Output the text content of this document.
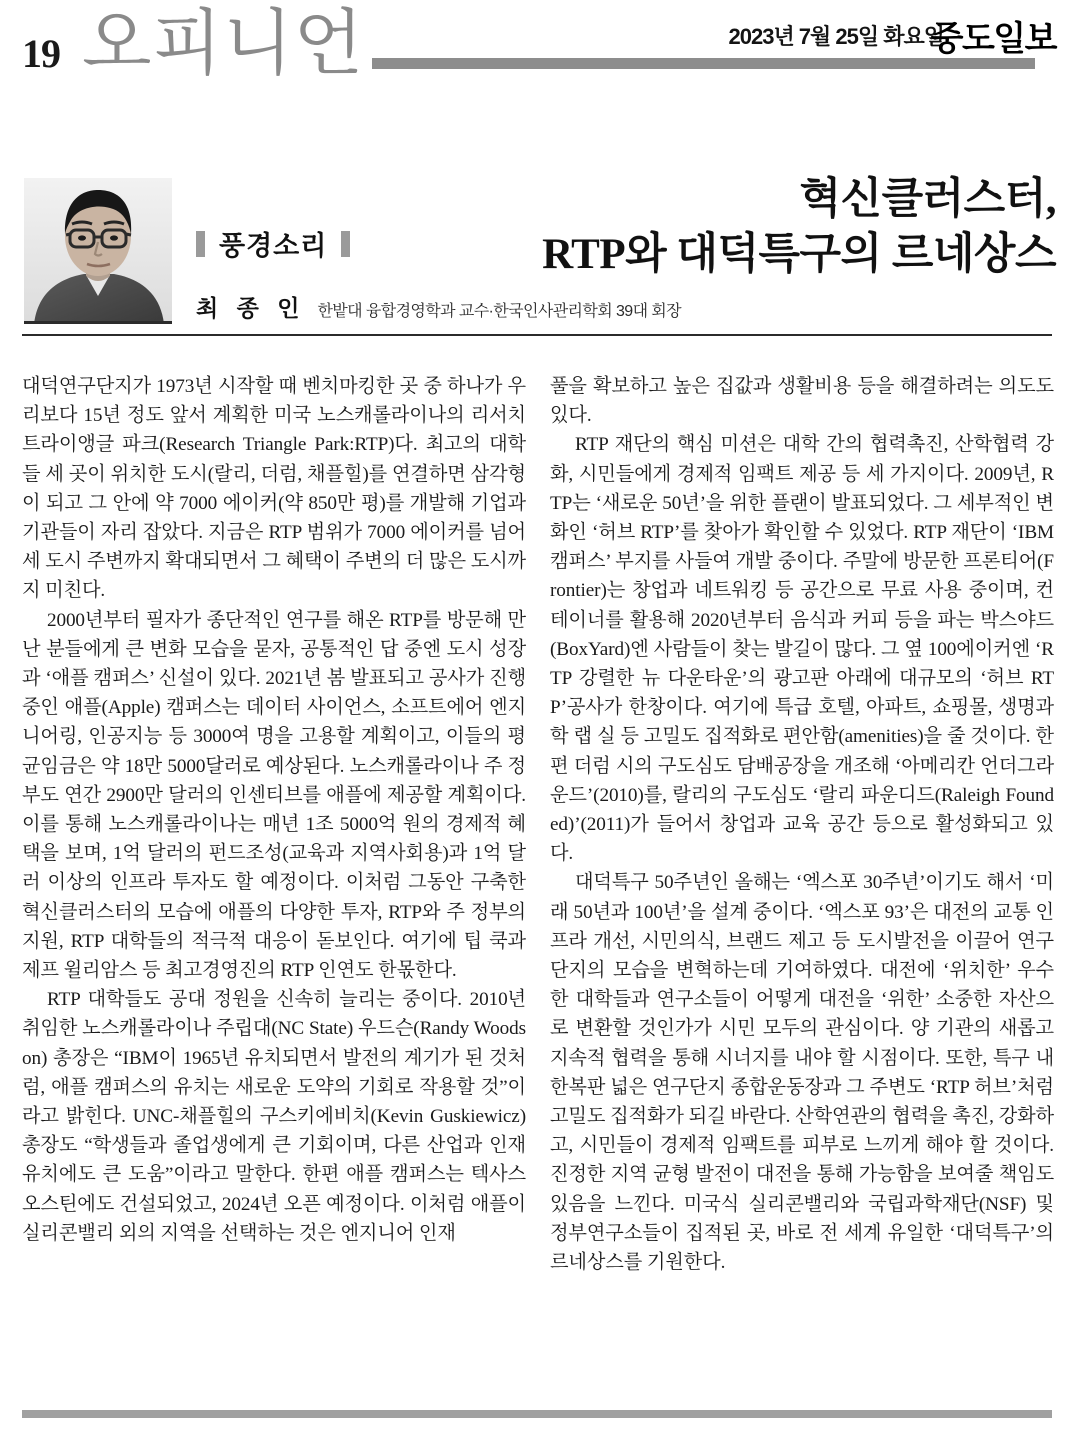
19 오피니언	2023년 7월 25일 화요일
중도일보
풍경소리
최 종 인 한밭대 융합경영학과 교수·한국인사관리학회 39대 회장
혁신클러스터,
RTP와 대덕특구의 르네상스

대덕연구단지가 1973년 시작할 때 벤치마킹한 곳 중 하나가 우리보다 15년 정도 앞서 계획한 미국 노스캐롤라이나의 리서치 트라이앵글 파크(Research Triangle Park:RTP)다. 최고의 대학들 세 곳이 위치한 도시(랄리, 더럼, 채플힐)를 연결하면 삼각형이 되고 그 안에 약 7000 에이커(약 850만 평)를 개발해 기업과 기관들이 자리 잡았다. 지금은 RTP 범위가 7000 에이커를 넘어 세 도시 주변까지 확대되면서 그 혜택이 주변의 더 많은 도시까지 미친다.

2000년부터 필자가 종단적인 연구를 해온 RTP를 방문해 만난 분들에게 큰 변화 모습을 묻자, 공통적인 답 중엔 도시 성장과 ‘애플 캠퍼스’ 신설이 있다. 2021년 봄 발표되고 공사가 진행 중인 애플(Apple) 캠퍼스는 데이터 사이언스, 소프트에어 엔지니어링, 인공지능 등 3000여 명을 고용할 계획이고, 이들의 평균임금은 약 18만 5000달러로 예상된다. 노스캐롤라이나 주 정부도 연간 2900만 달러의 인센티브를 애플에 제공할 계획이다. 이를 통해 노스캐롤라이나는 매년 1조 5000억 원의 경제적 혜택을 보며, 1억 달러의 펀드조성(교육과 지역사회용)과 1억 달러 이상의 인프라 투자도 할 예정이다. 이처럼 그동안 구축한 혁신클러스터의 모습에 애플의 다양한 투자, RTP와 주 정부의 지원, RTP 대학들의 적극적 대응이 돋보인다. 여기에 팁 쿡과 제프 윌리암스 등 최고경영진의 RTP 인연도 한몫한다.

RTP 대학들도 공대 정원을 신속히 늘리는 중이다. 2010년 취임한 노스캐롤라이나 주립대(NC State) 우드슨(Randy Woodson) 총장은 “IBM이 1965년 유치되면서 발전의 계기가 된 것처럼, 애플 캠퍼스의 유치는 새로운 도약의 기회로 작용할 것”이라고 밝힌다. UNC-채플힐의 구스키에비치(Kevin Guskiewicz) 총장도 “학생들과 졸업생에게 큰 기회이며, 다른 산업과 인재유치에도 큰 도움”이라고 말한다. 한편 애플 캠퍼스는 텍사스 오스틴에도 건설되었고, 2024년 오픈 예정이다. 이처럼 애플이 실리콘밸리 외의 지역을 선택하는 것은 엔지니어 인재

풀을 확보하고 높은 집값과 생활비용 등을 해결하려는 의도도 있다.

RTP 재단의 핵심 미션은 대학 간의 협력촉진, 산학협력 강화, 시민들에게 경제적 임팩트 제공 등 세 가지이다. 2009년, RTP는 ‘새로운 50년’을 위한 플랜이 발표되었다. 그 세부적인 변화인 ‘허브 RTP’를 찾아가 확인할 수 있었다. RTP 재단이 ‘IBM 캠퍼스’ 부지를 사들여 개발 중이다. 주말에 방문한 프론티어(Frontier)는 창업과 네트워킹 등 공간으로 무료 사용 중이며, 컨테이너를 활용해 2020년부터 음식과 커피 등을 파는 박스야드(BoxYard)엔 사람들이 찾는 발길이 많다. 그 옆 100에이커엔 ‘RTP 강렬한 뉴 다운타운’의 광고판 아래에 대규모의 ‘허브 RTP’공사가 한창이다. 여기에 특급 호텔, 아파트, 쇼핑몰, 생명과학 랩 실 등 고밀도 집적화로 편안함(amenities)을 줄 것이다. 한편 더럼 시의 구도심도 담배공장을 개조해 ‘아메리칸 언더그라운드’(2010)를, 랄리의 구도심도 ‘랄리 파운디드(Raleigh Founded)’(2011)가 들어서 창업과 교육 공간 등으로 활성화되고 있다.

대덕특구 50주년인 올해는 ‘엑스포 30주년’이기도 해서 ‘미래 50년과 100년’을 설계 중이다. ‘엑스포 93’은 대전의 교통 인프라 개선, 시민의식, 브랜드 제고 등 도시발전을 이끌어 연구단지의 모습을 변혁하는데 기여하였다. 대전에 ‘위치한’ 우수한 대학들과 연구소들이 어떻게 대전을 ‘위한’ 소중한 자산으로 변환할 것인가가 시민 모두의 관심이다. 양 기관의 새롭고 지속적 협력을 통해 시너지를 내야 할 시점이다. 또한, 특구 내 한복판 넓은 연구단지 종합운동장과 그 주변도 ‘RTP 허브’처럼 고밀도 집적화가 되길 바란다. 산학연관의 협력을 촉진, 강화하고, 시민들이 경제적 임팩트를 피부로 느끼게 해야 할 것이다. 진정한 지역 균형 발전이 대전을 통해 가능함을 보여줄 책임도 있음을 느낀다. 미국식 실리콘밸리와 국립과학재단(NSF) 및 정부연구소들이 집적된 곳, 바로 전 세계 유일한 ‘대덕특구’의 르네상스를 기원한다.
